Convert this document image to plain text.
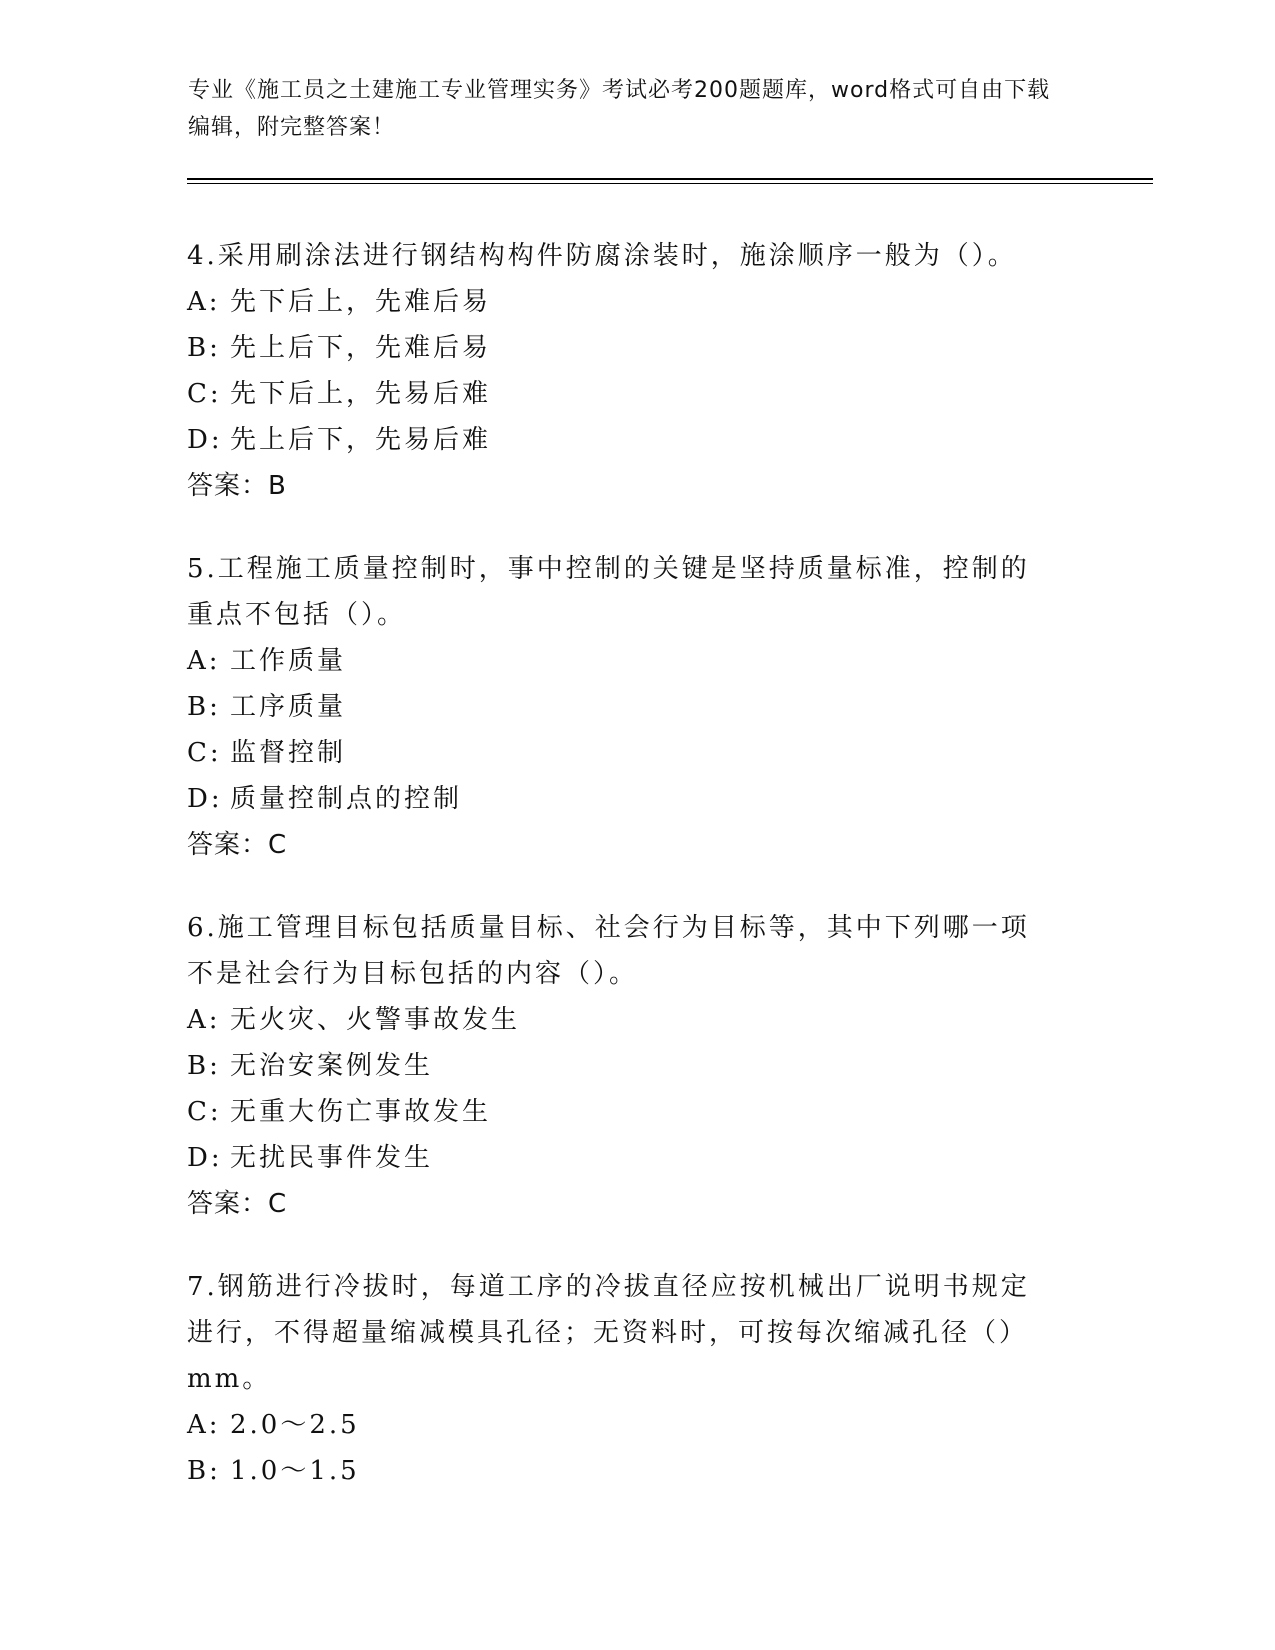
专业《施工员之土建施工专业管理实务》考试必考200题题库，word格式可自由下载编辑，附完整答案！
4.采用刷涂法进行钢结构构件防腐涂装时，施涂顺序一般为（）。
A: 先下后上，先难后易
B: 先上后下，先难后易
C: 先下后上，先易后难
D: 先上后下，先易后难
答案：B
5.工程施工质量控制时，事中控制的关键是坚持质量标准，控制的重点不包括（）。
A: 工作质量
B: 工序质量
C: 监督控制
D: 质量控制点的控制
答案：C
6.施工管理目标包括质量目标、社会行为目标等，其中下列哪一项不是社会行为目标包括的内容（）。
A: 无火灾、火警事故发生
B: 无治安案例发生
C: 无重大伤亡事故发生
D: 无扰民事件发生
答案：C
7.钢筋进行冷拔时，每道工序的冷拔直径应按机械出厂说明书规定进行，不得超量缩减模具孔径；无资料时，可按每次缩减孔径（）mm。
A: 2.0～2.5
B: 1.0～1.5
